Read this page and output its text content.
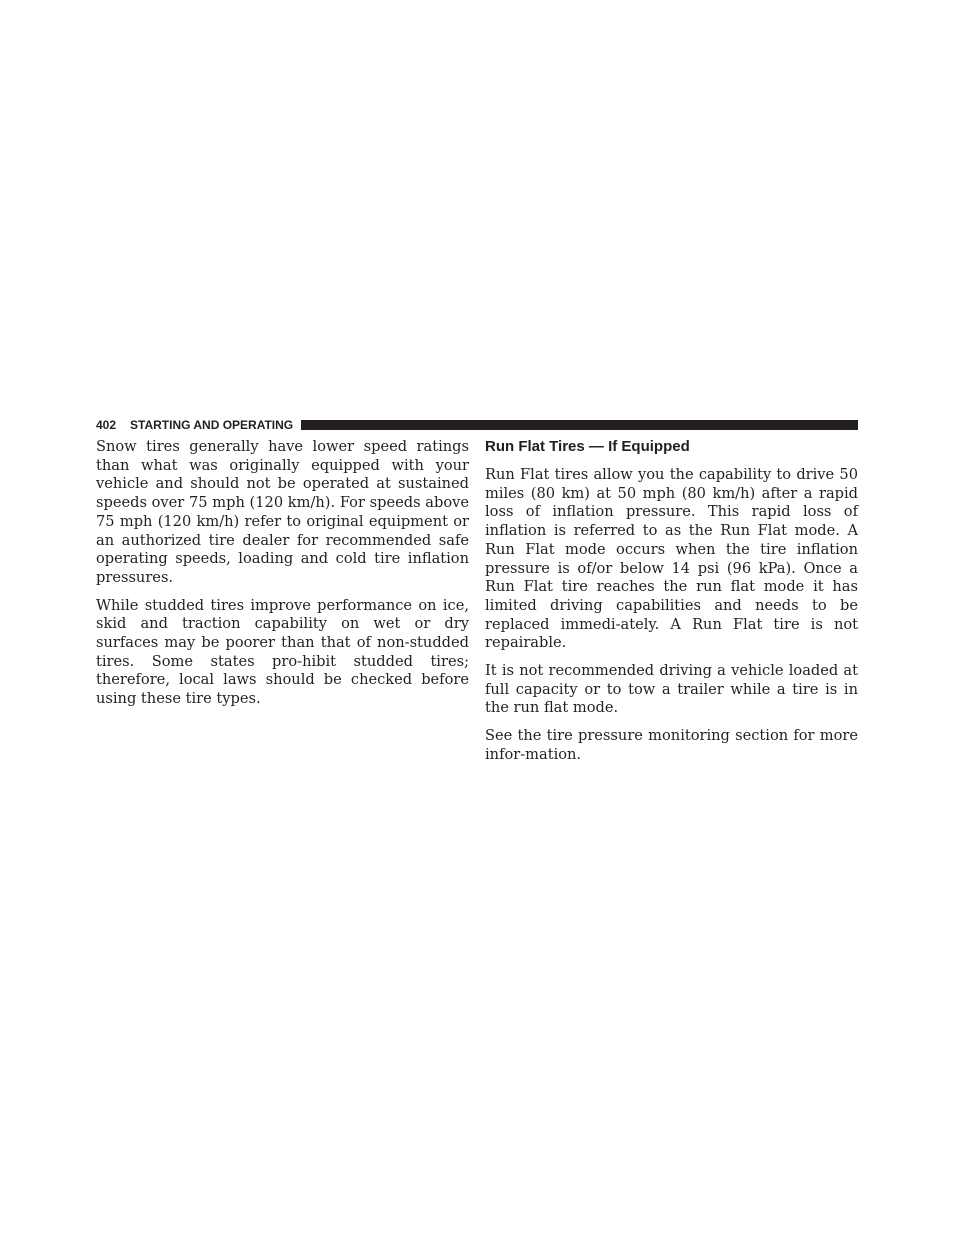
402 STARTING AND OPERATING

Snow tires generally have lower speed ratings than what was originally equipped with your vehicle and should not be operated at sustained speeds over 75 mph (120 km/h). For speeds above 75 mph (120 km/h) refer to original equipment or an authorized tire dealer for recommended safe operating speeds, loading and cold tire inflation pressures.

While studded tires improve performance on ice, skid and traction capability on wet or dry surfaces may be poorer than that of non-studded tires. Some states pro-hibit studded tires; therefore, local laws should be checked before using these tire types.

Run Flat Tires — If Equipped

Run Flat tires allow you the capability to drive 50 miles (80 km) at 50 mph (80 km/h) after a rapid loss of inflation pressure. This rapid loss of inflation is referred to as the Run Flat mode. A Run Flat mode occurs when the tire inflation pressure is of/or below 14 psi (96 kPa). Once a Run Flat tire reaches the run flat mode it has limited driving capabilities and needs to be replaced immedi-ately. A Run Flat tire is not repairable.

It is not recommended driving a vehicle loaded at full capacity or to tow a trailer while a tire is in the run flat mode.

See the tire pressure monitoring section for more infor-mation.
